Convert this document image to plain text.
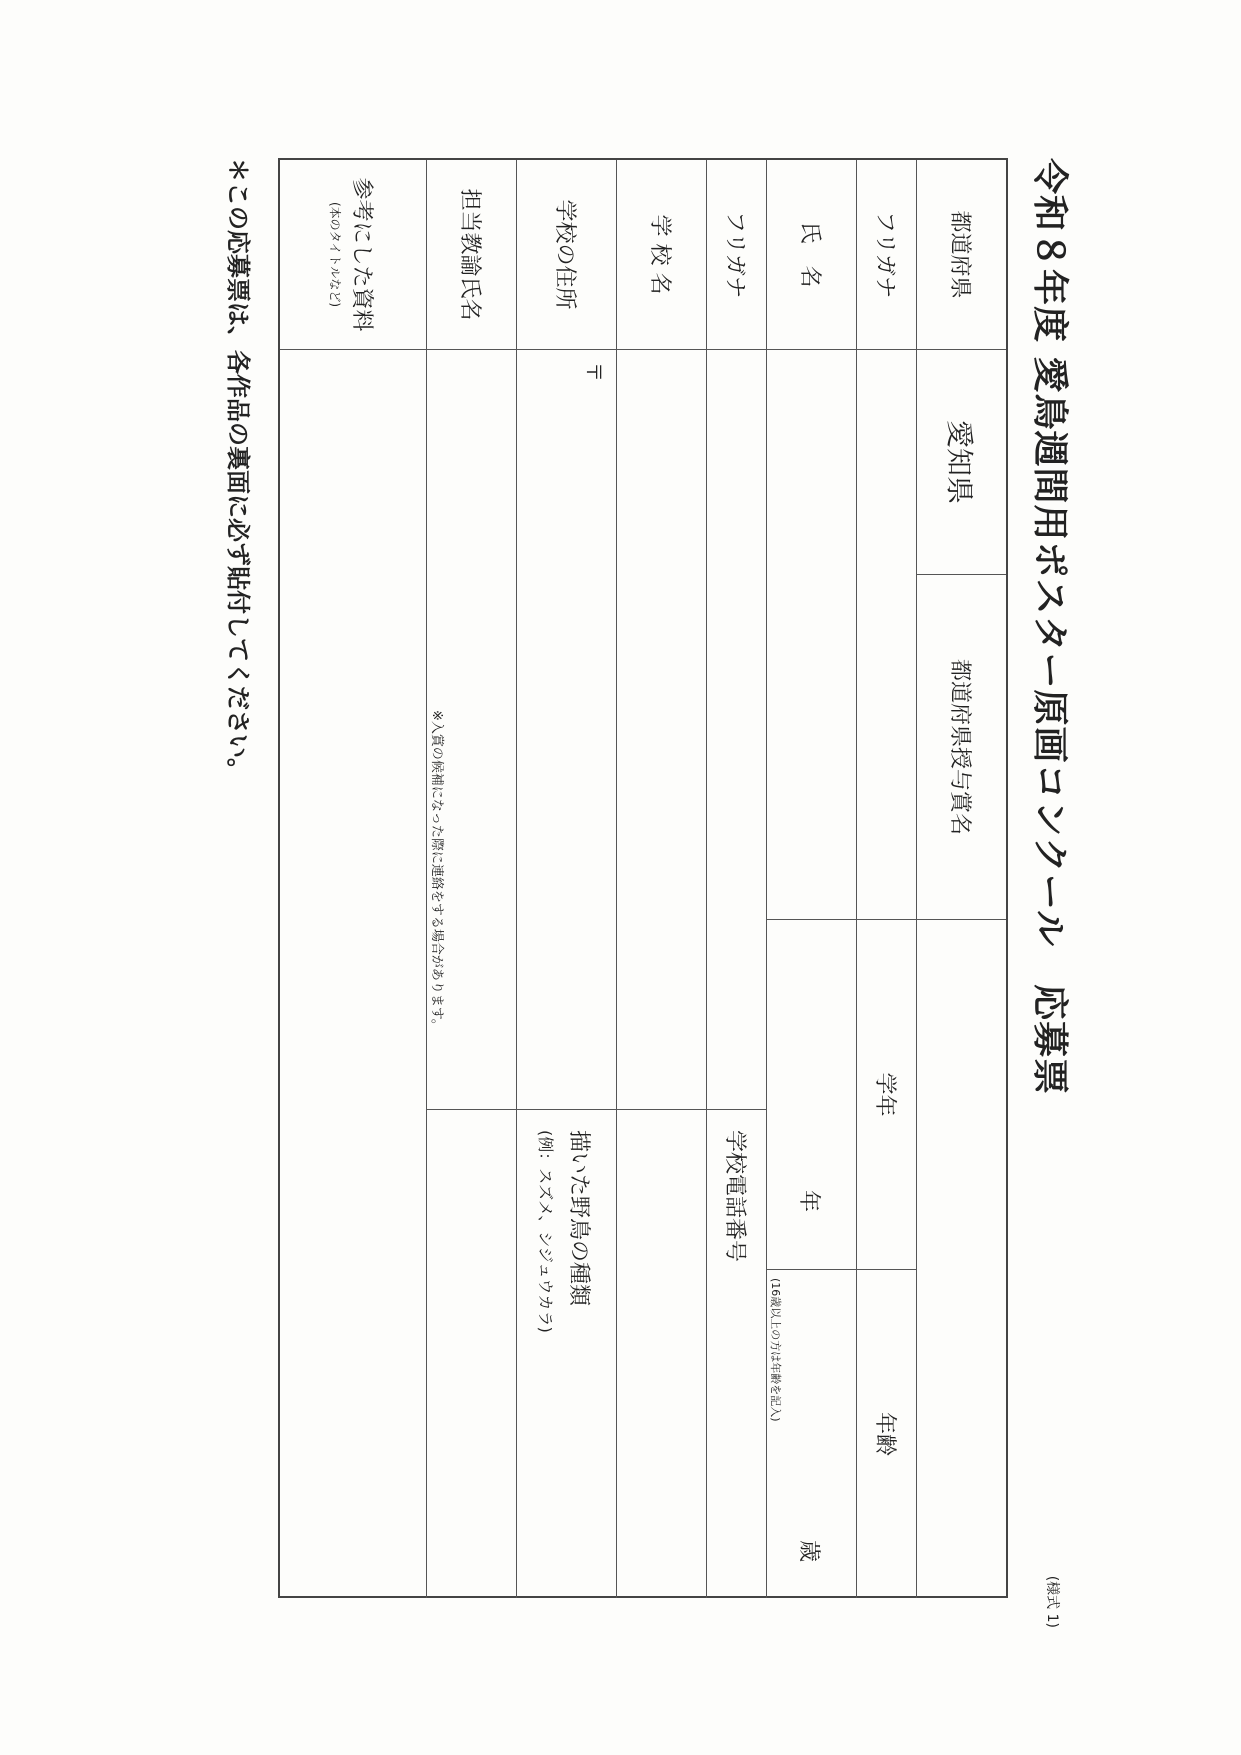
令和８年度 愛鳥週間用ポスター原画コンクール　応募票
(様式 1)
都道府県
愛知県
都道府県授与賞名
フリガナ
学年
年齢
氏　名
年
歳
(16歳以上の方は年齢を記入)
フリガナ
学校電話番号
学 校 名
学校の住所
〒
描いた野鳥の種類
(例：スズメ、シジュウカラ)
担当教諭氏名
※入賞の候補になった際に連絡をする場合があります。
参考にした資料
(本のタイトルなど)
＊この応募票は、各作品の裏面に必ず貼付してください。
